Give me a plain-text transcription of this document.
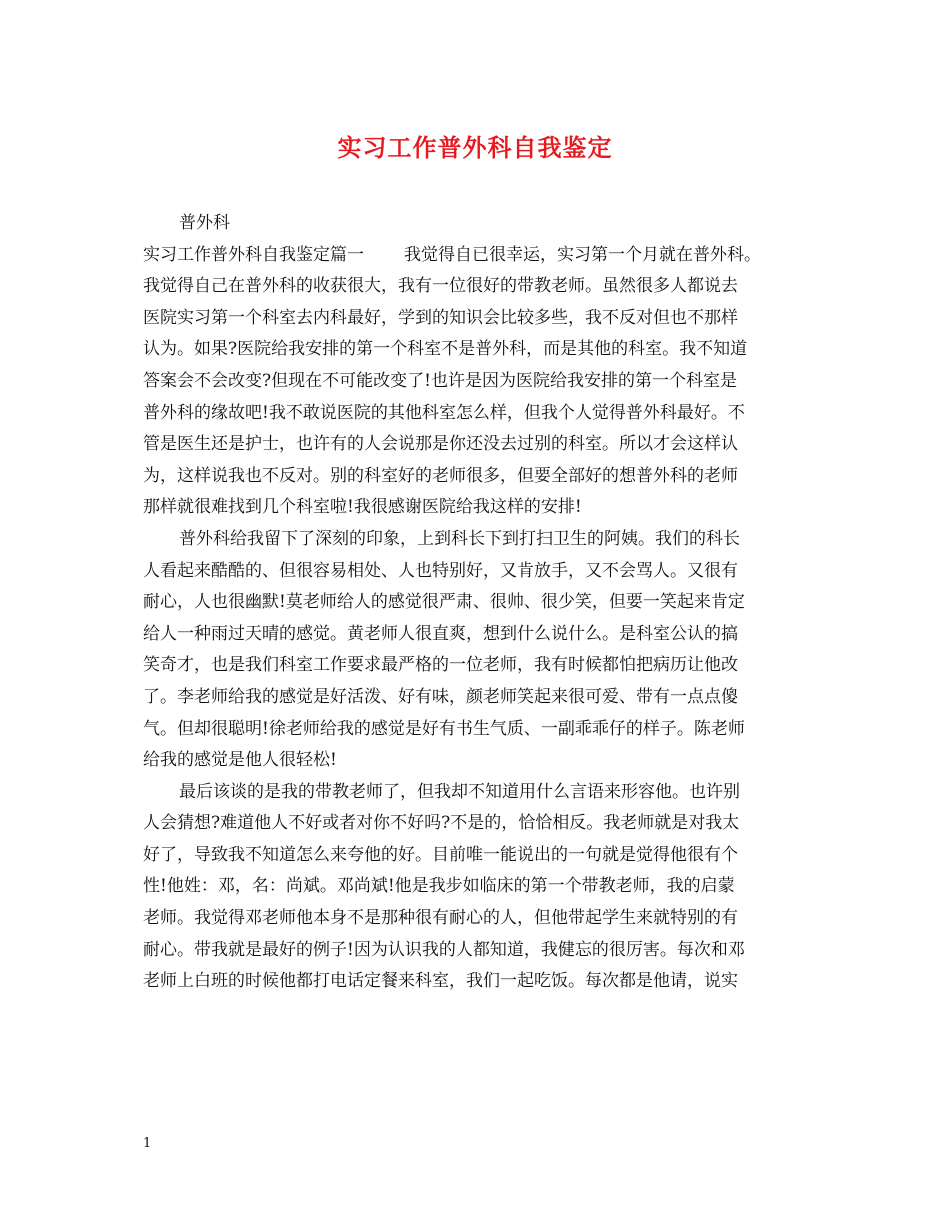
实习工作普外科自我鉴定
普外科
实习工作普外科自我鉴定篇一 我觉得自已很幸运，实习第一个月就在普外科。
我觉得自己在普外科的收获很大，我有一位很好的带教老师。虽然很多人都说去
医院实习第一个科室去内科最好，学到的知识会比较多些，我不反对但也不那样
认为。如果?医院给我安排的第一个科室不是普外科，而是其他的科室。我不知道
答案会不会改变?但现在不可能改变了!也许是因为医院给我安排的第一个科室是
普外科的缘故吧!我不敢说医院的其他科室怎么样，但我个人觉得普外科最好。不
管是医生还是护士，也许有的人会说那是你还没去过别的科室。所以才会这样认
为，这样说我也不反对。别的科室好的老师很多，但要全部好的想普外科的老师
那样就很难找到几个科室啦!我很感谢医院给我这样的安排!
普外科给我留下了深刻的印象，上到科长下到打扫卫生的阿姨。我们的科长
人看起来酷酷的、但很容易相处、人也特别好，又肯放手，又不会骂人。又很有
耐心，人也很幽默!莫老师给人的感觉很严肃、很帅、很少笑，但要一笑起来肯定
给人一种雨过天晴的感觉。黄老师人很直爽，想到什么说什么。是科室公认的搞
笑奇才，也是我们科室工作要求最严格的一位老师，我有时候都怕把病历让他改
了。李老师给我的感觉是好活泼、好有味，颜老师笑起来很可爱、带有一点点傻
气。但却很聪明!徐老师给我的感觉是好有书生气质、一副乖乖仔的样子。陈老师
给我的感觉是他人很轻松!
最后该谈的是我的带教老师了，但我却不知道用什么言语来形容他。也许别
人会猜想?难道他人不好或者对你不好吗?不是的，恰恰相反。我老师就是对我太
好了，导致我不知道怎么来夸他的好。目前唯一能说出的一句就是觉得他很有个
性!他姓：邓，名：尚斌。邓尚斌!他是我步如临床的第一个带教老师，我的启蒙
老师。我觉得邓老师他本身不是那种很有耐心的人，但他带起学生来就特别的有
耐心。带我就是最好的例子!因为认识我的人都知道，我健忘的很厉害。每次和邓
老师上白班的时候他都打电话定餐来科室，我们一起吃饭。每次都是他请，说实
1
